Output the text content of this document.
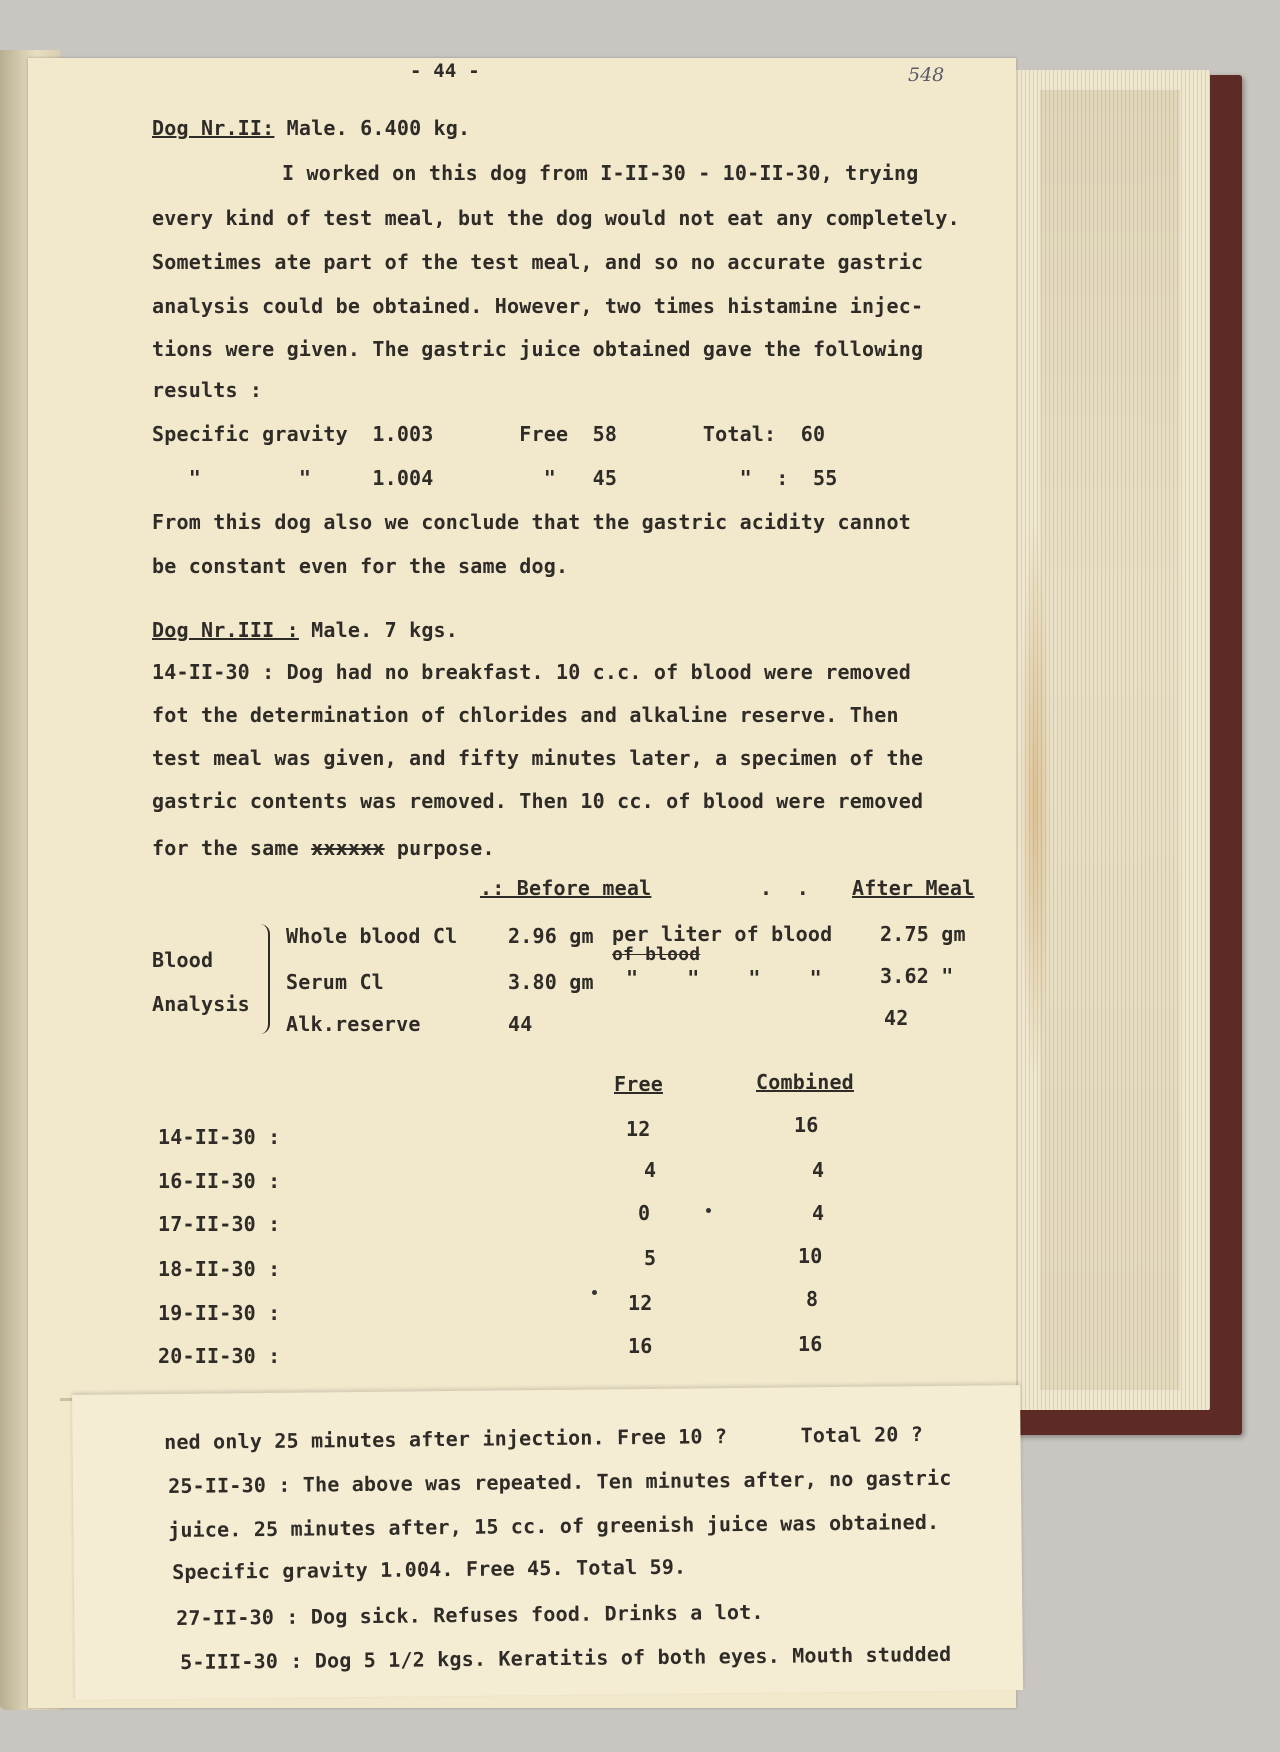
- 44 -	548
Dog Nr.II: Male. 6.400 kg.
I worked on this dog from I-II-30 - 10-II-30, trying
every kind of test meal, but the dog would not eat any completely.
Sometimes ate part of the test meal, and so no accurate gastric
analysis could be obtained. However, two times histamine injec-
tions were given. The gastric juice obtained gave the following
results :
Specific gravity  1.003       Free  58       Total:  60
"        "     1.004         "   45          "  :  55
From this dog also we conclude that the gastric acidity cannot
be constant even for the same dog.
Dog Nr.III : Male. 7 kgs.
14-II-30 : Dog had no breakfast. 10 c.c. of blood were removed
fot the determination of chlorides and alkaline reserve. Then
test meal was given, and fifty minutes later, a specimen of the
gastric contents was removed. Then 10 cc. of blood were removed
for the same xxxxxx purpose.
.: Before meal	.  . After Meal
Blood
Analysis
Whole blood Cl	2.96 gm per liter of blood 2.75 gm
of blood
Serum Cl	3.80 gm "    "    "    "	3.62 "
Alk.reserve	44	42
Free	Combined
14-II-30 :	12	16
16-II-30 :	4	4
17-II-30 :	0	4
18-II-30 :	5	10
19-II-30 :	12	8
20-II-30 :	16	16
ned only 25 minutes after injection. Free 10 ?      Total 20 ?
25-II-30 : The above was repeated. Ten minutes after, no gastric
juice. 25 minutes after, 15 cc. of greenish juice was obtained.
Specific gravity 1.004. Free 45. Total 59.
27-II-30 : Dog sick. Refuses food. Drinks a lot.
5-III-30 : Dog 5 1/2 kgs. Keratitis of both eyes. Mouth studded
